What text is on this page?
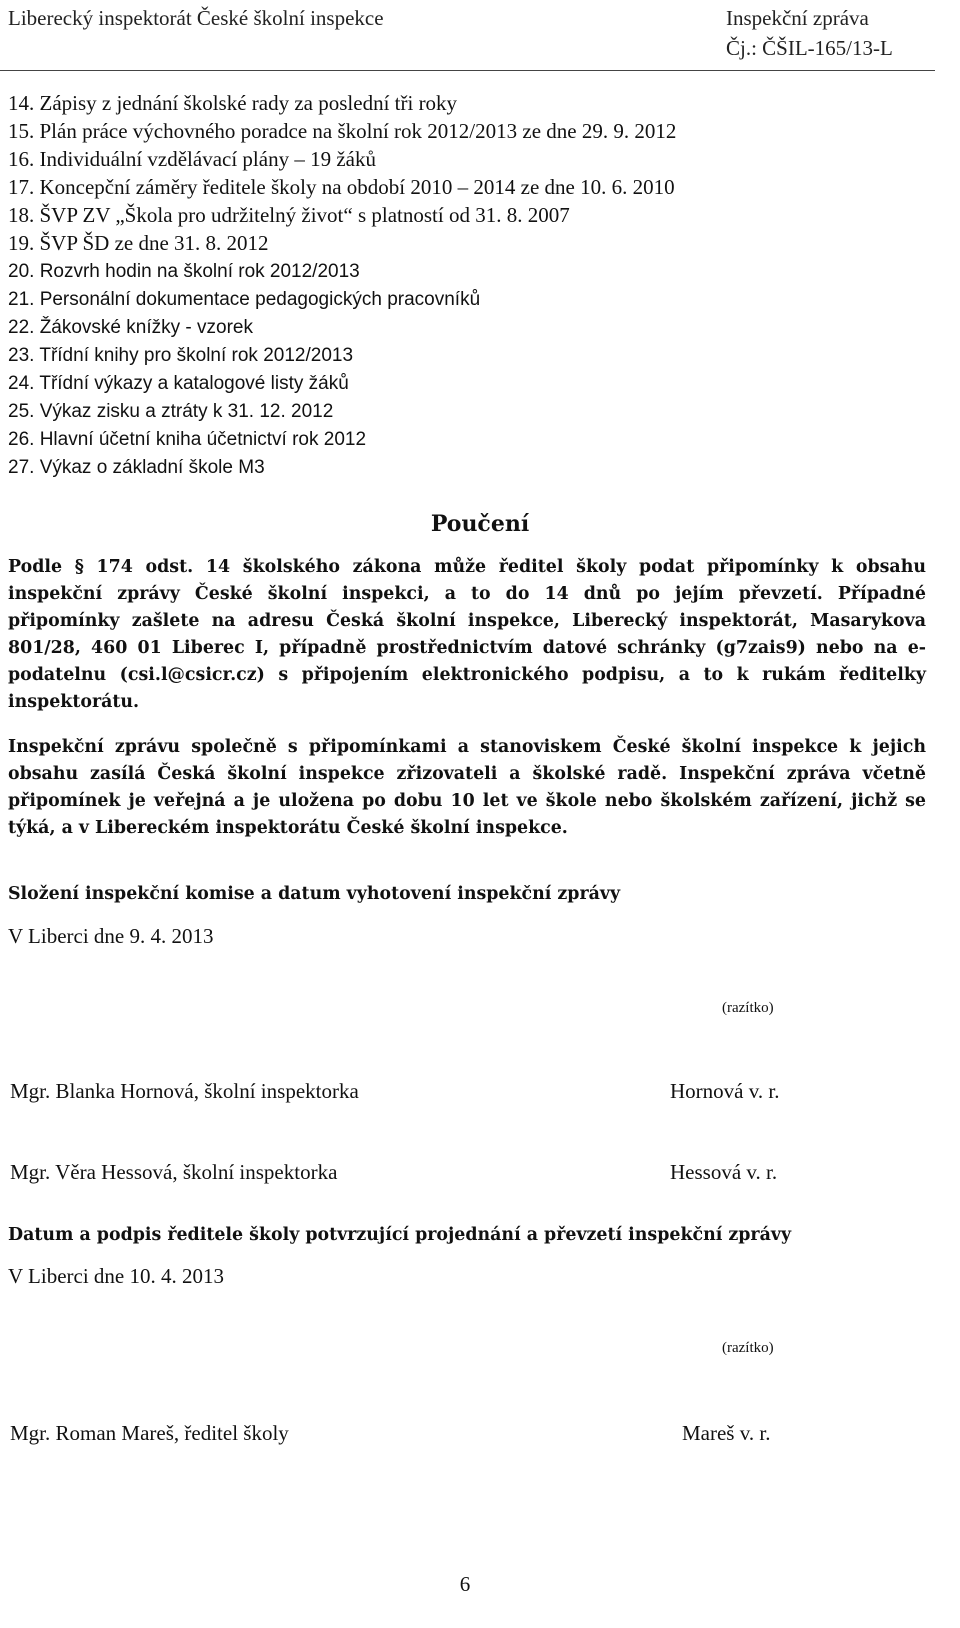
Liberecký inspektorát České školní inspekce	Inspekční zpráva
Čj.: ČŠIL-165/13-L
14. Zápisy z jednání školské rady za poslední tři roky
15. Plán práce výchovného poradce na školní rok 2012/2013 ze dne 29. 9. 2012
16. Individuální vzdělávací plány – 19 žáků
17. Koncepční záměry ředitele školy na období 2010 – 2014 ze dne 10. 6. 2010
18. ŠVP ZV „Škola pro udržitelný život“ s platností od 31. 8. 2007
19. ŠVP ŠD ze dne 31. 8. 2012
20. Rozvrh hodin na školní rok 2012/2013
21. Personální dokumentace pedagogických pracovníků
22. Žákovské knížky - vzorek
23. Třídní knihy pro školní rok 2012/2013
24. Třídní výkazy a katalogové listy žáků
25. Výkaz zisku a ztráty k 31. 12. 2012
26. Hlavní účetní kniha účetnictví rok 2012
27. Výkaz o základní škole M3
Poučení
Podle § 174 odst. 14 školského zákona může ředitel školy podat připomínky k obsahu inspekční zprávy České školní inspekci, a to do 14 dnů po jejím převzetí. Případné připomínky zašlete na adresu Česká školní inspekce, Liberecký inspektorát, Masarykova 801/28, 460 01 Liberec I, případně prostřednictvím datové schránky (g7zais9) nebo na e-podatelnu (csi.l@csicr.cz) s připojením elektronického podpisu, a to k rukám ředitelky inspektorátu.
Inspekční zprávu společně s připomínkami a stanoviskem České školní inspekce k jejich obsahu zasílá Česká školní inspekce zřizovateli a školské radě. Inspekční zpráva včetně připomínek je veřejná a je uložena po dobu 10 let ve škole nebo školském zařízení, jichž se týká, a v Libereckém inspektorátu České školní inspekce.
Složení inspekční komise a datum vyhotovení inspekční zprávy
V Liberci dne 9. 4. 2013
(razítko)
Mgr. Blanka Hornová, školní inspektorka	Hornová v. r.
Mgr. Věra Hessová, školní inspektorka	Hessová v. r.
Datum a podpis ředitele školy potvrzující projednání a převzetí inspekční zprávy
V Liberci dne 10. 4. 2013
(razítko)
Mgr. Roman Mareš, ředitel školy	Mareš v. r.
6
